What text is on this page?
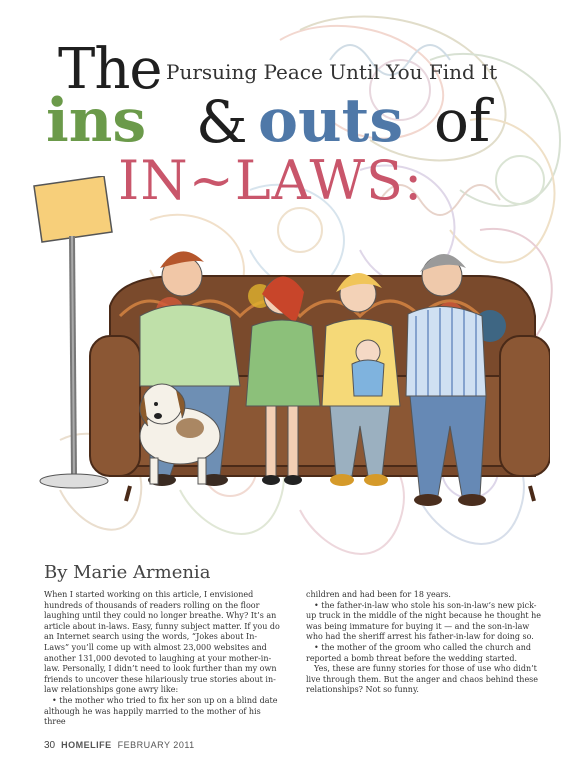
The Pursuing Peace Until You Find It
ins & outs of
IN~LAWS:
By Marie Armenia

When I started working on this article, I envisioned hundreds of thousands of readers rolling on the floor laughing until they could no longer breathe. Why? It’s an article about in-laws. Easy, funny subject matter. If you do an Internet search using the words, “Jokes about In-Laws” you’ll come up with almost 23,000 websites and another 131,000 devoted to laughing at your mother-in-law. Personally, I didn’t need to look further than my own friends to uncover these hilariously true stories about in-law relationships gone awry like:

• the mother who tried to fix her son up on a blind date although he was happily married to the mother of his three

children and had been for 18 years.

• the father-in-law who stole his son-in-law’s new pick-up truck in the middle of the night because he thought he was being immature for buying it — and the son-in-law who had the sheriff arrest his father-in-law for doing so.

• the mother of the groom who called the church and reported a bomb threat before the wedding started.

Yes, these are funny stories for those of use who didn’t live through them. But the anger and chaos behind these relationships? Not so funny.

30 HOMELIFE FEBRUARY 2011
